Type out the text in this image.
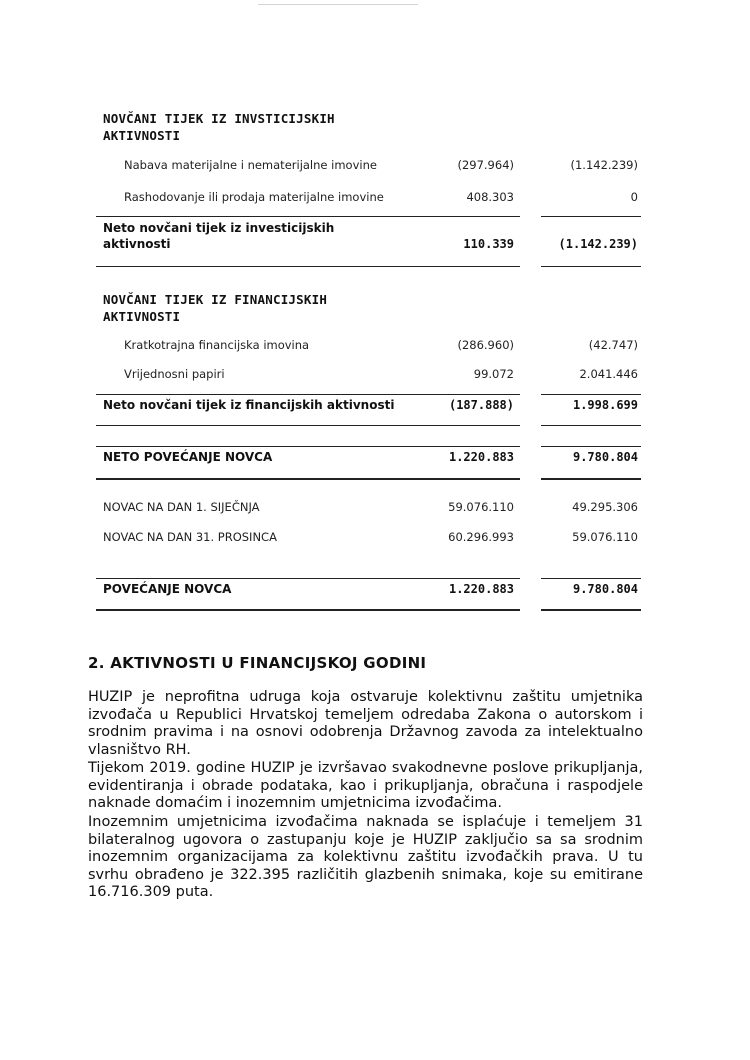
NOVČANI TIJEK IZ INVSTICIJSKIH
AKTIVNOSTI
Nabava materijalne i nematerijalne imovine	(297.964)	(1.142.239)
Rashodovanje ili prodaja materijalne imovine	408.303	0
Neto novčani tijek iz investicijskih
aktivnosti	110.339	(1.142.239)
NOVČANI TIJEK IZ FINANCIJSKIH
AKTIVNOSTI
Kratkotrajna financijska imovina	(286.960)	(42.747)
Vrijednosni papiri	99.072	2.041.446
Neto novčani tijek iz financijskih aktivnosti	(187.888)	1.998.699
NETO POVEĆANJE NOVCA	1.220.883	9.780.804
NOVAC NA DAN 1. SIJEČNJA	59.076.110	49.295.306
NOVAC NA DAN 31. PROSINCA	60.296.993	59.076.110
POVEĆANJE NOVCA	1.220.883	9.780.804
2. AKTIVNOSTI U FINANCIJSKOJ GODINI
HUZIP je neprofitna udruga koja ostvaruje kolektivnu zaštitu umjetnika izvođača u Republici Hrvatskoj temeljem odredaba Zakona o autorskom i srodnim pravima i na osnovi odobrenja Državnog zavoda za intelektualno vlasništvo RH.
Tijekom 2019. godine HUZIP je izvršavao svakodnevne poslove prikupljanja, evidentiranja i obrade podataka, kao i prikupljanja, obračuna i raspodjele naknade domaćim i inozemnim umjetnicima izvođačima.
Inozemnim umjetnicima izvođačima naknada se isplaćuje i temeljem 31 bilateralnog ugovora o zastupanju koje je HUZIP zaključio sa sa srodnim inozemnim organizacijama za kolektivnu zaštitu izvođačkih prava. U tu svrhu obrađeno je 322.395 različitih glazbenih snimaka, koje su emitirane 16.716.309 puta.
